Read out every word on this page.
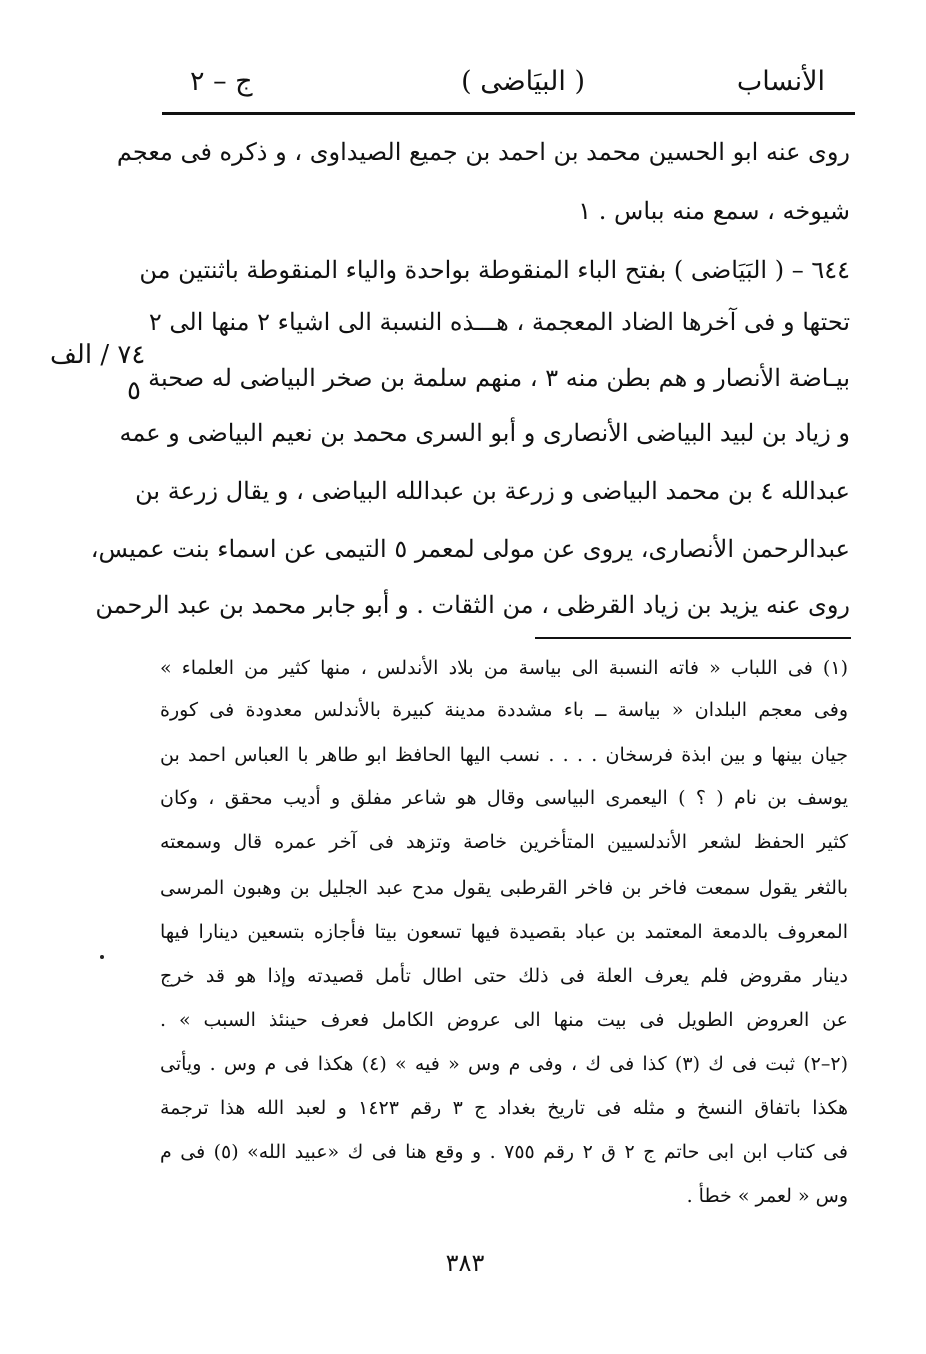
الأنساب
( البيَاضى )
ج – ٢
٧٤ / الف
٥
روى عنه ابو الحسين محمد بن احمد بن جميع الصيداوى ، و ذكره فى معجم
شيوخه ، سمع منه بباس . ١
٦٤٤ – ( البَيَاضى ) بفتح الباء المنقوطة بواحدة والياء المنقوطة باثنتين من
تحتها و فى آخرها الضاد المعجمة ، هـــذه النسبة الى اشياء ٢ منها الى ٢
بيـاضة الأنصار و هم بطن منه ٣ ، منهم سلمة بن صخر البياضى له صحبة
و زياد بن لبيد البياضى الأنصارى و أبو السرى محمد بن نعيم البياضى و عمه
عبدالله ٤ بن محمد البياضى و زرعة بن عبدالله البياضى ، و يقال زرعة بن
عبدالرحمن الأنصارى، يروى عن مولى لمعمر ٥ التيمى عن اسماء بنت عميس،
روى عنه يزيد بن زياد القرظى ، من الثقات . و أبو جابر محمد بن عبد الرحمن
(١) فى اللباب « فاته النسبة الى بياسة من بلاد الأندلس ، منها كثير من العلماء »
وفى معجم البلدان « بياسة ــ باء مشددة مدينة كبيرة بالأندلس معدودة فى كورة
جيان بينها و بين ابذة فرسخان . . . . نسب اليها الحافظ ابو طاهر با العباس احمد بن
يوسف بن نام ( ؟ ) اليعمرى البياسى وقال هو شاعر مفلق و أديب محقق ، وكان
كثير الحفظ لشعر الأندلسيين المتأخرين خاصة وتزهد فى آخر عمره قال وسمعته
بالثغر يقول سمعت فاخر بن فاخر القرطبى يقول مدح عبد الجليل بن وهبون المرسى
المعروف بالدمعة المعتمد بن عباد بقصيدة فيها تسعون بيتا فأجازه بتسعين دينارا فيها
دينار مقروض فلم يعرف العلة فى ذلك حتى اطال تأمل قصيدته وإذا هو قد خرج
عن العروض الطويل فى بيت منها الى عروض الكامل فعرف حينئذ السبب » .
(٢–٢) ثبت فى ك (٣) كذا فى ك ، وفى م وس « فيه » (٤) هكذا فى م وس . ويأتى
هكذا باتفاق النسخ و مثله فى تاريخ بغداد ج ٣ رقم ١٤٢٣ و لعبد الله هذا ترجمة
فى كتاب ابن ابى حاتم ج ٢ ق ٢ رقم ٧٥٥ . و وقع هنا فى ك «عبيد الله» (٥) فى م
وس « لعمر » خطأ .
٣٨٣
